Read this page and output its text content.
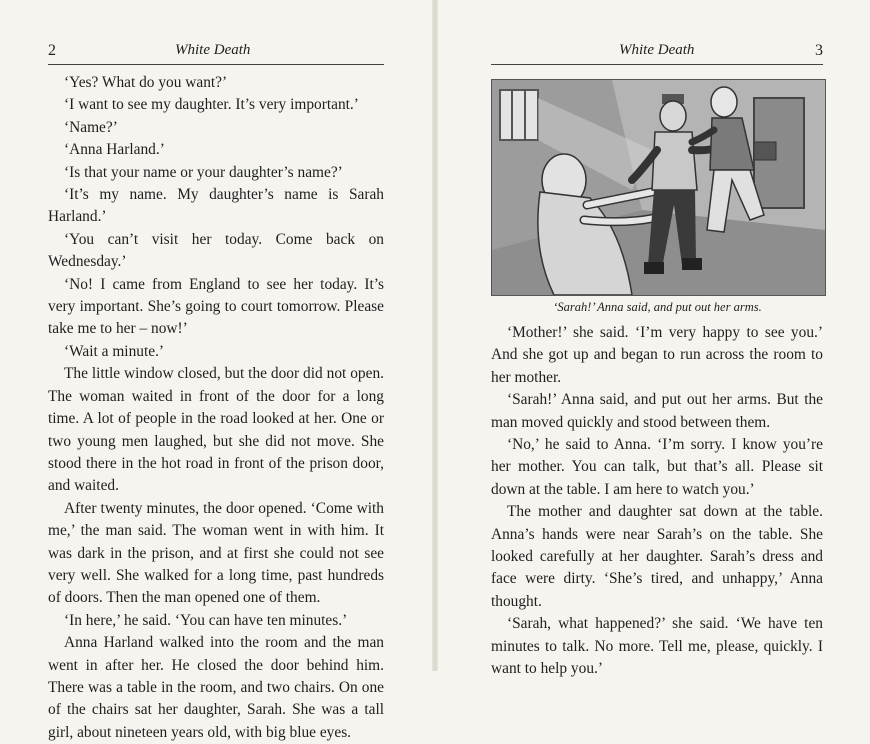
2	White Death

‘Yes? What do you want?’

‘I want to see my daughter. It’s very important.’

‘Name?’

‘Anna Harland.’

‘Is that your name or your daughter’s name?’

‘It’s my name. My daughter’s name is Sarah Harland.’

‘You can’t visit her today. Come back on Wednesday.’

‘No! I came from England to see her today. It’s very important. She’s going to court tomorrow. Please take me to her – now!’

‘Wait a minute.’

The little window closed, but the door did not open. The woman waited in front of the door for a long time. A lot of people in the road looked at her. One or two young men laughed, but she did not move. She stood there in the hot road in front of the prison door, and waited.

After twenty minutes, the door opened. ‘Come with me,’ the man said. The woman went in with him. It was dark in the prison, and at first she could not see very well. She walked for a long time, past hundreds of doors. Then the man opened one of them.

‘In here,’ he said. ‘You can have ten minutes.’

Anna Harland walked into the room and the man went in after her. He closed the door behind him. There was a table in the room, and two chairs. On one of the chairs sat her daughter, Sarah. She was a tall girl, about nineteen years old, with big blue eyes.

White Death	3
‘Sarah!’ Anna said, and put out her arms.

‘Mother!’ she said. ‘I’m very happy to see you.’ And she got up and began to run across the room to her mother.

‘Sarah!’ Anna said, and put out her arms. But the man moved quickly and stood between them.

‘No,’ he said to Anna. ‘I’m sorry. I know you’re her mother. You can talk, but that’s all. Please sit down at the table. I am here to watch you.’

The mother and daughter sat down at the table. Anna’s hands were near Sarah’s on the table. She looked carefully at her daughter. Sarah’s dress and face were dirty. ‘She’s tired, and unhappy,’ Anna thought.

‘Sarah, what happened?’ she said. ‘We have ten minutes to talk. No more. Tell me, please, quickly. I want to help you.’
